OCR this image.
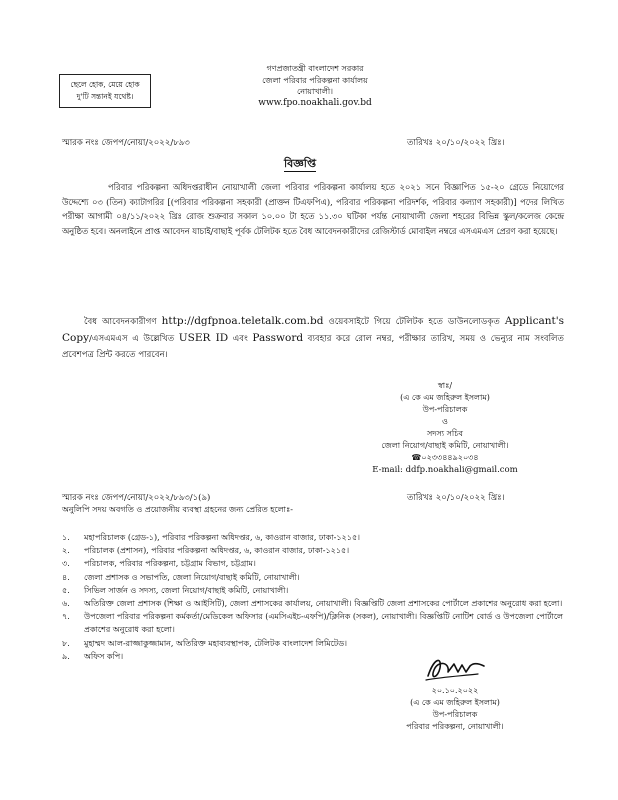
ছেলে হোক, মেয়ে হোক
দু'টি সন্তানই যথেষ্ট।
গণপ্রজাতন্ত্রী বাংলাদেশ সরকার
জেলা পরিবার পরিকল্পনা কার্যালয়
নোয়াখালী।
www.fpo.noakhali.gov.bd
স্মারক নংঃ জেপপ/নোয়া/২০২২/৮৯৩	তারিখঃ ২০/১০/২০২২ খ্রিঃ।
বিজ্ঞপ্তি
পরিবার পরিকল্পনা অধিদপ্তরাধীন নোয়াখালী জেলা পরিবার পরিকল্পনা কার্যালয় হতে ২০২১ সনে বিজ্ঞাপিত ১৫-২০ গ্রেডে নিয়োগের উদ্দেশ্যে ০৩ (তিন) ক্যাটাগরির [(পরিবার পরিকল্পনা সহকারী (প্রাক্তন টিএফপিএ), পরিবার পরিকল্পনা পরিদর্শক, পরিবার কল্যাণ সহকারী)] পদের লিখিত পরীক্ষা আগামী ০৪/১১/২০২২ খ্রিঃ রোজ শুক্রবার সকাল ১০.০০ টা হতে ১১.৩০ ঘটিকা পর্যন্ত নোয়াখালী জেলা শহরের বিভিন্ন স্কুল/কলেজ কেন্দ্রে অনুষ্ঠিত হবে। অনলাইনে প্রাপ্ত আবেদন যাচাই/বাছাই পূর্বক টেলিটক হতে বৈধ আবেদনকারীদের রেজিস্টার্ড মোবাইল নম্বরে এসএমএস প্রেরণ করা হয়েছে।
বৈধ আবেদনকারীগণ http://dgfpnoa.teletalk.com.bd ওয়েবসাইটে গিয়ে টেলিটক হতে ডাউনলোডকৃত Applicant's Copy/এসএমএস এ উল্লেখিত USER ID এবং Password ব্যবহার করে রোল নম্বর, পরীক্ষার তারিখ, সময় ও ভেন্যুর নাম সংবলিত প্রবেশপত্র প্রিন্ট করতে পারবেন।
স্বাঃ/
(এ কে এম জহিরুল ইসলাম)
উপ-পরিচালক
ও
সদস্য সচিব
জেলা নিয়োগ/বাছাই কমিটি, নোয়াখালী।
☎০২৩৩৪৪৯২০৩৪
E-mail: ddfp.noakhali@gmail.com
স্মারক নংঃ জেপপ/নোয়া/২০২২/৮৯৩/১(৯)	তারিখঃ ২০/১০/২০২২ খ্রিঃ।
অনুলিপি সদয় অবগতি ও প্রয়োজনীয় ব্যবস্থা গ্রহনের জন্য প্রেরিত হলোঃ-
১.	মহাপরিচালক (গ্রেড-১), পরিবার পরিকল্পনা অধিদপ্তর, ৬, কাওরান বাজার, ঢাকা-১২১৫।
২.	পরিচালক (প্রশাসন), পরিবার পরিকল্পনা অধিদপ্তর, ৬, কাওরান বাজার, ঢাকা-১২১৫।
৩.	পরিচালক, পরিবার পরিকল্পনা, চট্টগ্রাম বিভাগ, চট্টগ্রাম।
৪.	জেলা প্রশাসক ও সভাপতি, জেলা নিয়োগ/বাছাই কমিটি, নোয়াখালী।
৫.	সিভিল সার্জন ও সদস্য, জেলা নিয়োগ/বাছাই কমিটি, নোয়াখালী।
৬.	অতিরিক্ত জেলা প্রশাসক (শিক্ষা ও আইসিটি), জেলা প্রশাসকের কার্যালয়, নোয়াখালী। বিজ্ঞপ্তিটি জেলা প্রশাসকের পোর্টালে প্রকাশের অনুরোধ করা হলো।
৭.	উপজেলা পরিবার পরিকল্পনা কর্মকর্তা/মেডিকেল অফিসার (এমসিএইচ-এফপি)/ক্লিনিক (সকল), নোয়াখালী। বিজ্ঞপ্তিটি নোটিশ বোর্ড ও উপজেলা পোর্টালে প্রকাশের অনুরোধ করা হলো।
৮.	মুহাম্মদ আল-রাজ্জাকুজ্জামান, অতিরিক্ত মহাব্যবস্থাপক, টেলিটক বাংলাদেশ লিমিটেড।
৯.	অফিস কপি।
২০.১০.২০২২
(এ কে এম জহিরুল ইসলাম)
উপ-পরিচালক
পরিবার পরিকল্পনা, নোয়াখালী।
